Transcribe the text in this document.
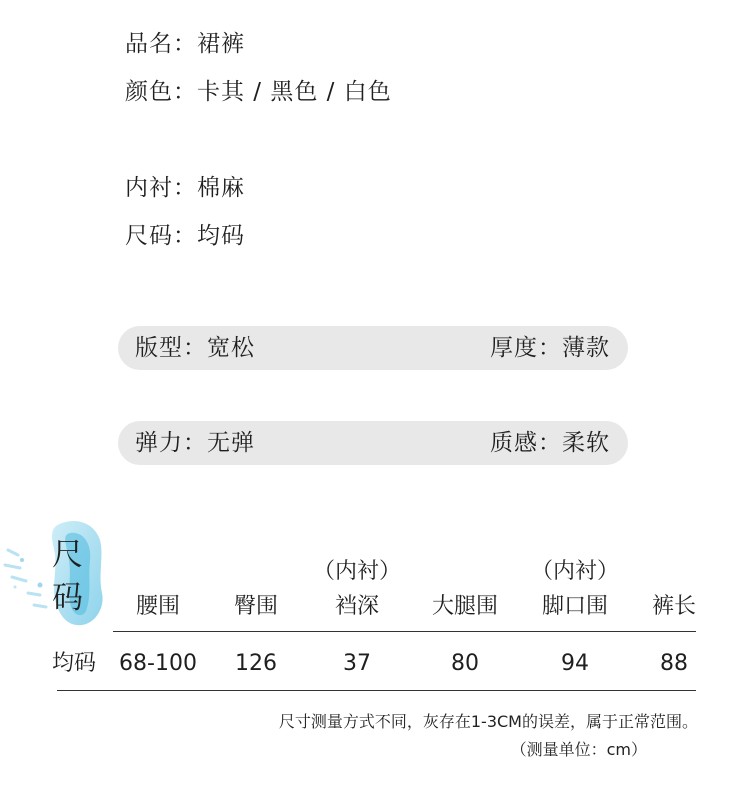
品名：裙裤
颜色：卡其 / 黑色 / 白色
内衬：棉麻
尺码：均码
版型：宽松	厚度：薄款
弹力：无弹	质感：柔软
尺
码
（内衬）	（内衬）
腰围 臀围	裆深 大腿围 脚口围 裤长
均码 68-100 126	37	80	94	88
尺寸测量方式不同，灰存在1-3CM的误差，属于正常范围。
（测量单位：cm）
